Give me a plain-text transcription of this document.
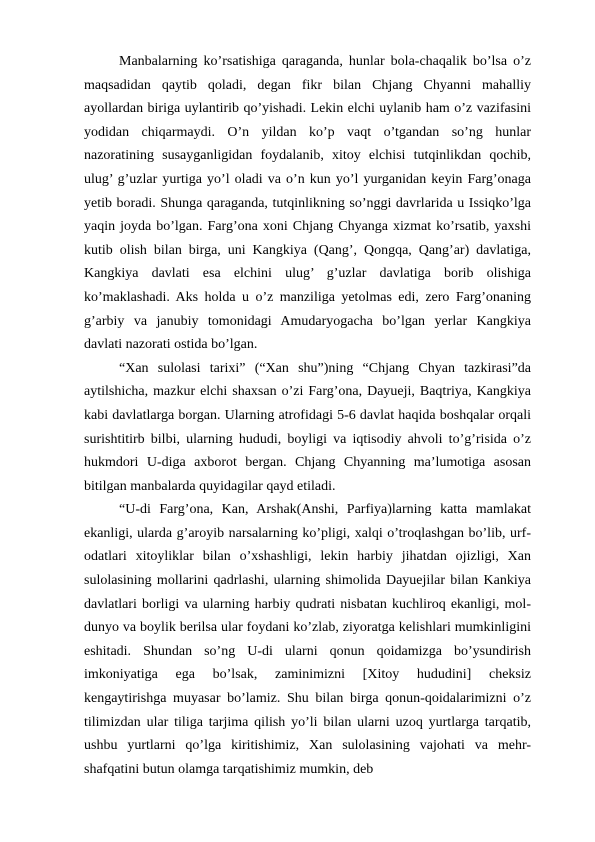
Manbalarning ko’rsatishiga qaraganda, hunlar bola-chaqalik bo’lsa o’z maqsadidan qaytib qoladi, degan fikr bilan Chjang Chyanni mahalliy ayollardan biriga uylantirib qo’yishadi. Lekin elchi uylanib ham o’z vazifasini yodidan chiqarmaydi. O’n yildan ko’p vaqt o’tgandan so’ng hunlar nazoratining susayganligidan foydalanib, xitoy elchisi tutqinlikdan qochib, ulug’ g’uzlar yurtiga yo’l oladi va o’n kun yo’l yurganidan keyin Farg’onaga yetib boradi. Shunga qaraganda, tutqinlikning so’nggi davrlarida u Issiqko’lga yaqin joyda bo’lgan. Farg’ona xoni Chjang Chyanga xizmat ko’rsatib, yaxshi kutib olish bilan birga, uni Kangkiya (Qang’, Qongqa, Qang’ar) davlatiga, Kangkiya davlati esa elchini ulug’ g’uzlar davlatiga borib olishiga ko’maklashadi. Aks holda u o’z manziliga yetolmas edi, zero Farg’onaning g’arbiy va janubiy tomonidagi Amudaryogacha bo’lgan yerlar Kangkiya davlati nazorati ostida bo’lgan.

“Xan sulolasi tarixi” (“Xan shu”)ning “Chjang Chyan tazkirasi”da aytilshicha, mazkur elchi shaxsan o’zi Farg’ona, Dayueji, Baqtriya, Kangkiya kabi davlatlarga borgan. Ularning atrofidagi 5-6 davlat haqida boshqalar orqali surishtitirb bilbi, ularning hududi, boyligi va iqtisodiy ahvoli to’g’risida o’z hukmdori U-diga axborot bergan. Chjang Chyanning ma’lumotiga asosan bitilgan manbalarda quyidagilar qayd etiladi.

“U-di Farg’ona, Kan, Arshak(Anshi, Parfiya)larning katta mamlakat ekanligi, ularda g’aroyib narsalarning ko’pligi, xalqi o’troqlashgan bo’lib, urf-odatlari xitoyliklar bilan o’xshashligi, lekin harbiy jihatdan ojizligi, Xan sulolasining mollarini qadrlashi, ularning shimolida Dayuejilar bilan Kankiya davlatlari borligi va ularning harbiy qudrati nisbatan kuchliroq ekanligi, mol-dunyo va boylik berilsa ular foydani ko’zlab, ziyoratga kelishlari mumkinligini eshitadi. Shundan so’ng U-di ularni qonun qoidamizga bo’ysundirish imkoniyatiga ega bo’lsak, zaminimizni [Xitoy hududini] cheksiz kengaytirishga muyasar bo’lamiz. Shu bilan birga qonun-qoidalarimizni o’z tilimizdan ular tiliga tarjima qilish yo’li bilan ularni uzoq yurtlarga tarqatib, ushbu yurtlarni qo’lga kiritishimiz, Xan sulolasining vajohati va mehr-shafqatini butun olamga tarqatishimiz mumkin, deb
